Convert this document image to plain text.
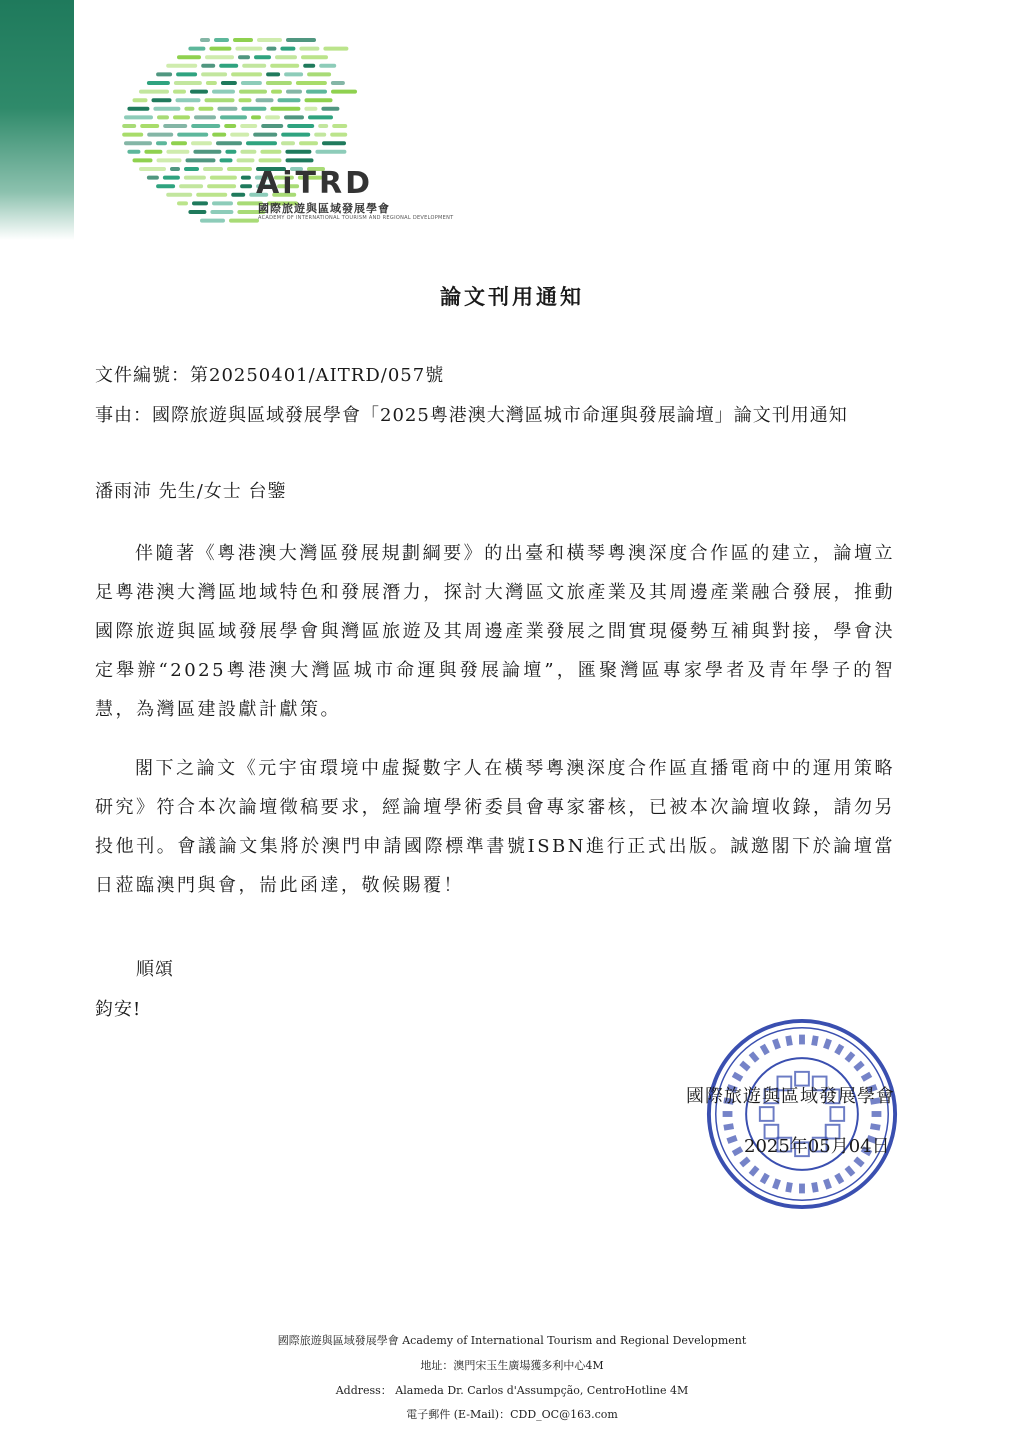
AiTRD
國際旅遊與區域發展學會
ACADEMY OF INTERNATIONAL TOURISM AND REGIONAL DEVELOPMENT
論文刊用通知
文件編號：第20250401/AITRD/057號
事由：國際旅遊與區域發展學會「2025粵港澳大灣區城市命運與發展論壇」論文刊用通知
潘雨沛 先生/女士 台鑒
伴隨著《粵港澳大灣區發展規劃綱要》的出臺和橫琴粵澳深度合作區的建立，論壇立足粵港澳大灣區地域特色和發展潛力，探討大灣區文旅產業及其周邊產業融合發展，推動國際旅遊與區域發展學會與灣區旅遊及其周邊產業發展之間實現優勢互補與對接，學會決定舉辦“2025粵港澳大灣區城市命運與發展論壇”，匯聚灣區專家學者及青年學子的智慧，為灣區建設獻計獻策。
閣下之論文《元宇宙環境中虛擬數字人在橫琴粵澳深度合作區直播電商中的運用策略研究》符合本次論壇徵稿要求，經論壇學術委員會專家審核，已被本次論壇收錄，請勿另投他刊。會議論文集將於澳門申請國際標準書號ISBN進行正式出版。誠邀閣下於論壇當日蒞臨澳門與會，耑此函達，敬候賜覆！
順頌
鈞安!
國際旅遊與區域發展學會
2025年05月04日
國際旅遊與區域發展學會 Academy of International Tourism and Regional Development
地址：澳門宋玉生廣場獲多利中心4M
Address： Alameda Dr. Carlos d'Assumpção, CentroHotline 4M
電子郵件 (E-Mail)：CDD_OC@163.com
